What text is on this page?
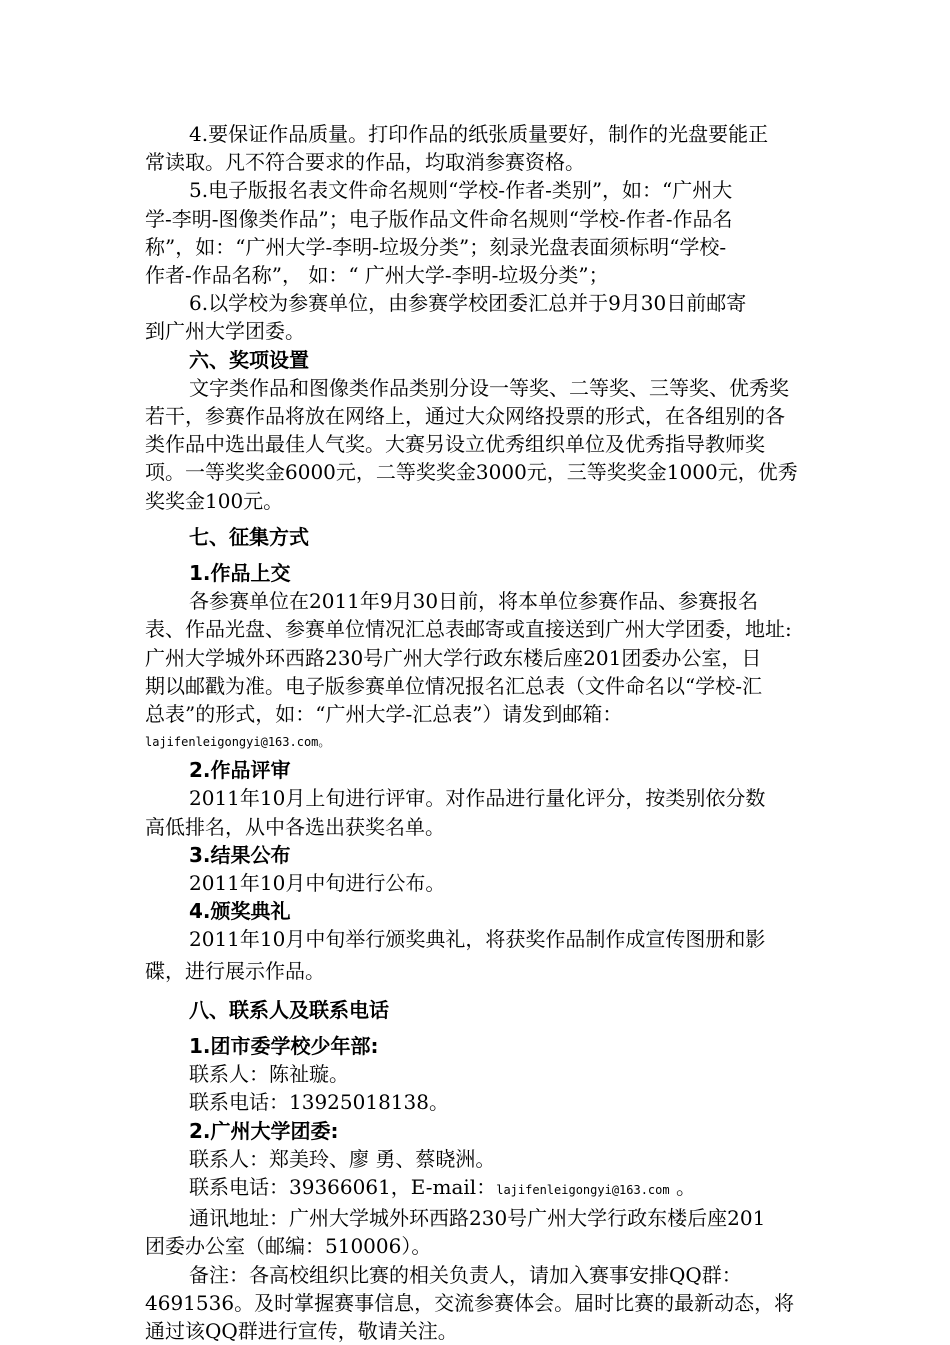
4.要保证作品质量。打印作品的纸张质量要好，制作的光盘要能正

常读取。凡不符合要求的作品，均取消参赛资格。

5.电子版报名表文件命名规则“学校-作者-类别”，如：“广州大

学-李明-图像类作品”；电子版作品文件命名规则“学校-作者-作品名
称”，如：“广州大学-李明-垃圾分类”；刻录光盘表面须标明“学校-
作者-作品名称”， 如：“ 广州大学-李明-垃圾分类”；

6.以学校为参赛单位，由参赛学校团委汇总并于9月30日前邮寄

到广州大学团委。

六、奖项设置

文字类作品和图像类作品类别分设一等奖、二等奖、三等奖、优秀奖

若干，参赛作品将放在网络上，通过大众网络投票的形式，在各组别的各
类作品中选出最佳人气奖。大赛另设立优秀组织单位及优秀指导教师奖
项。一等奖奖金6000元，二等奖奖金3000元，三等奖奖金1000元，优秀
奖奖金100元。

七、征集方式

1.作品上交

各参赛单位在2011年9月30日前，将本单位参赛作品、参赛报名

表、作品光盘、参赛单位情况汇总表邮寄或直接送到广州大学团委，地址:
广州大学城外环西路230号广州大学行政东楼后座201团委办公室，日
期以邮戳为准。电子版参赛单位情况报名汇总表（文件命名以“学校-汇
总表”的形式，如：“广州大学-汇总表”）请发到邮箱：

lajifenleigongyi@163.com。

2.作品评审

2011年10月上旬进行评审。对作品进行量化评分，按类别依分数

高低排名，从中各选出获奖名单。

3.结果公布

2011年10月中旬进行公布。

4.颁奖典礼

2011年10月中旬举行颁奖典礼，将获奖作品制作成宣传图册和影

碟，进行展示作品。

八、联系人及联系电话

1.团市委学校少年部:

联系人：陈祉璇。

联系电话：13925018138。

2.广州大学团委:

联系人：郑美玲、廖 勇、蔡晓洲。

联系电话：39366061，E-mail：lajifenleigongyi@163.com 。

通讯地址：广州大学城外环西路230号广州大学行政东楼后座201

团委办公室（邮编：510006）。

备注：各高校组织比赛的相关负责人，请加入赛事安排QQ群：

4691536。及时掌握赛事信息，交流参赛体会。届时比赛的最新动态，将
通过该QQ群进行宣传，敬请关注。
